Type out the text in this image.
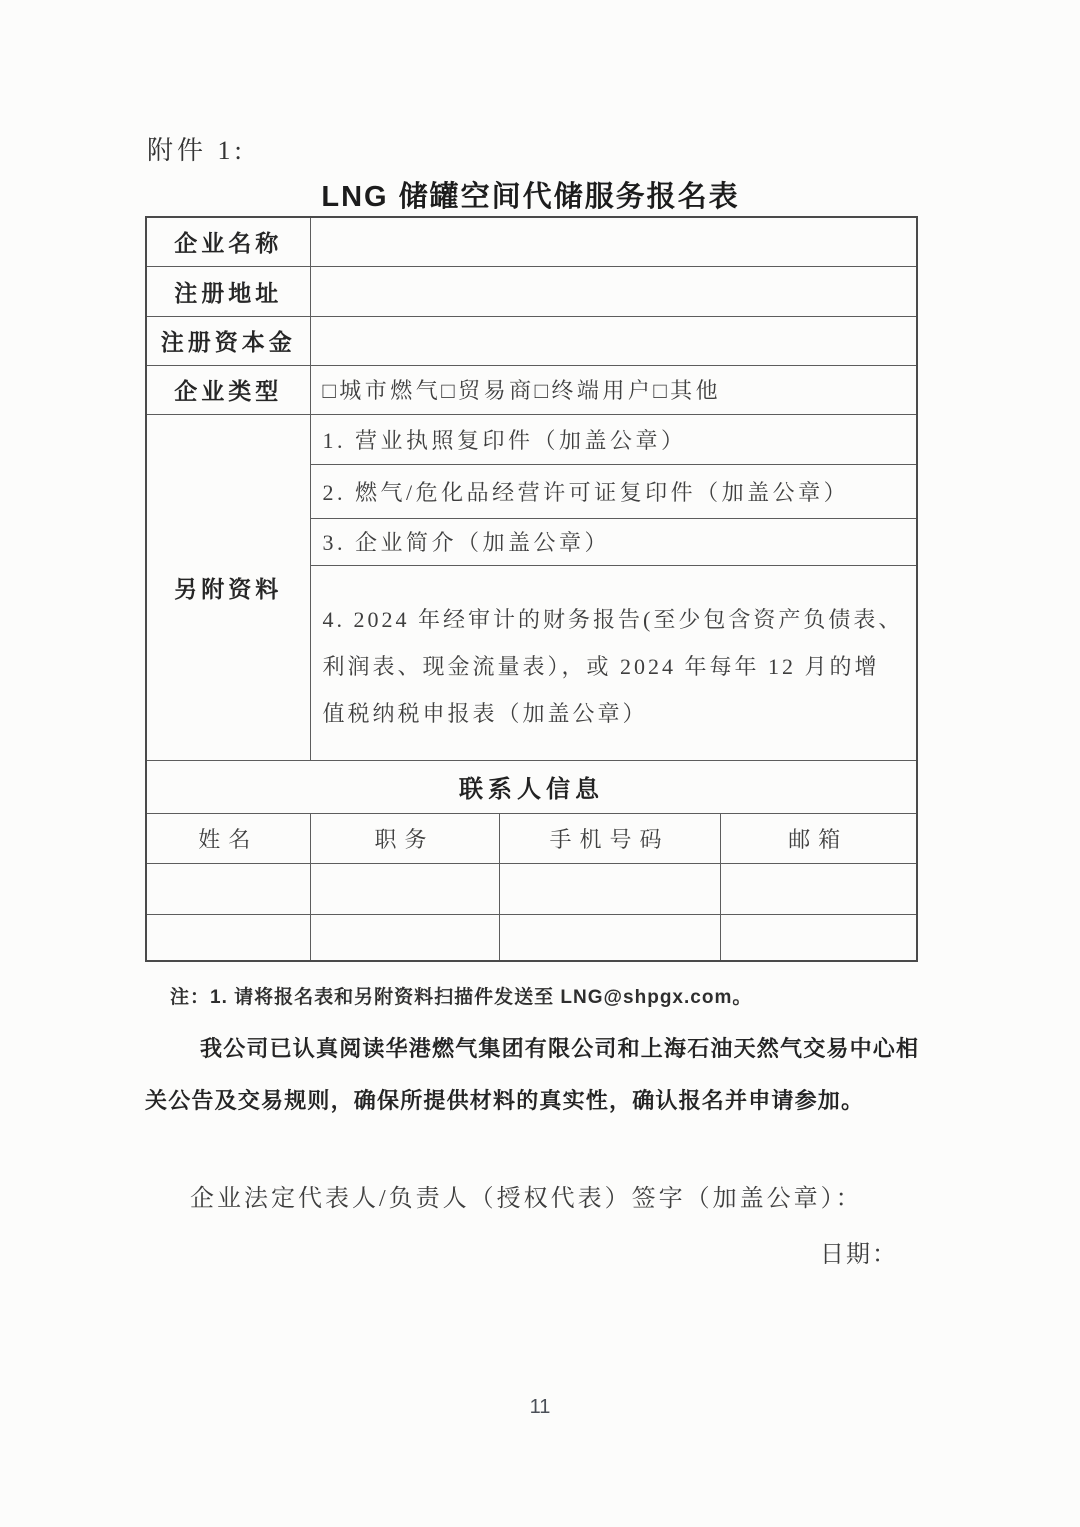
附件 1:
LNG 储罐空间代储服务报名表
企业名称			
注册地址			
注册资本金			
企业类型	□城市燃气□贸易商□终端用户□其他		
另附资料	1. 营业执照复印件（加盖公章）		
	2. 燃气/危化品经营许可证复印件（加盖公章）		
	3. 企业简介（加盖公章）		

	4. 2024 年经审计的财务报告(至少包含资产负债表、
利润表、现金流量表），或 2024 年每年 12 月的增
值税纳税申报表（加盖公章）		

联系人信息			
姓名	职务	手机号码	邮箱

注：1. 请将报名表和另附资料扫描件发送至 LNG@shpgx.com。
我公司已认真阅读华港燃气集团有限公司和上海石油天然气交易中心相
关公告及交易规则，确保所提供材料的真实性，确认报名并申请参加。
企业法定代表人/负责人（授权代表）签字（加盖公章）：
日期：
11
